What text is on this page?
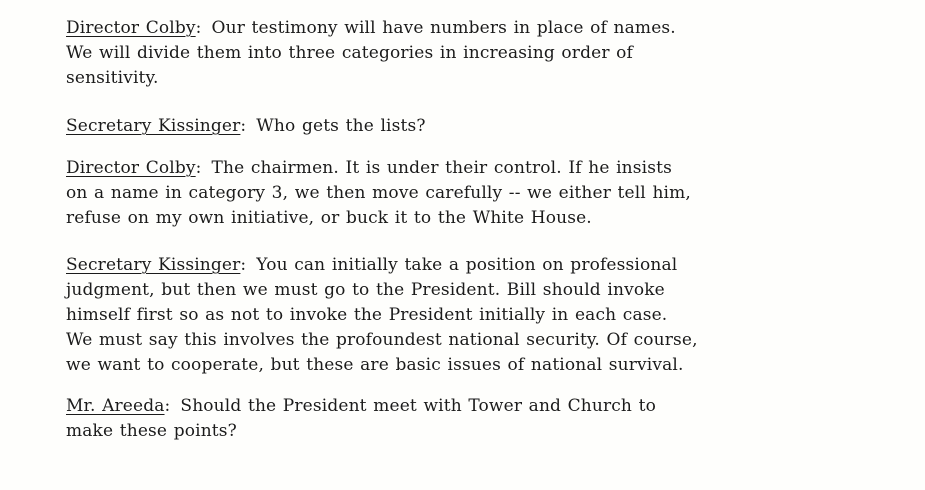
Director Colby: Our testimony will have numbers in place of names.
We will divide them into three categories in increasing order of
sensitivity.

Secretary Kissinger: Who gets the lists?

Director Colby: The chairmen. It is under their control. If he insists
on a name in category 3, we then move carefully -- we either tell him,
refuse on my own initiative, or buck it to the White House.

Secretary Kissinger: You can initially take a position on professional
judgment, but then we must go to the President. Bill should invoke
himself first so as not to invoke the President initially in each case.
We must say this involves the profoundest national security. Of course,
we want to cooperate, but these are basic issues of national survival.

Mr. Areeda: Should the President meet with Tower and Church to
make these points?
